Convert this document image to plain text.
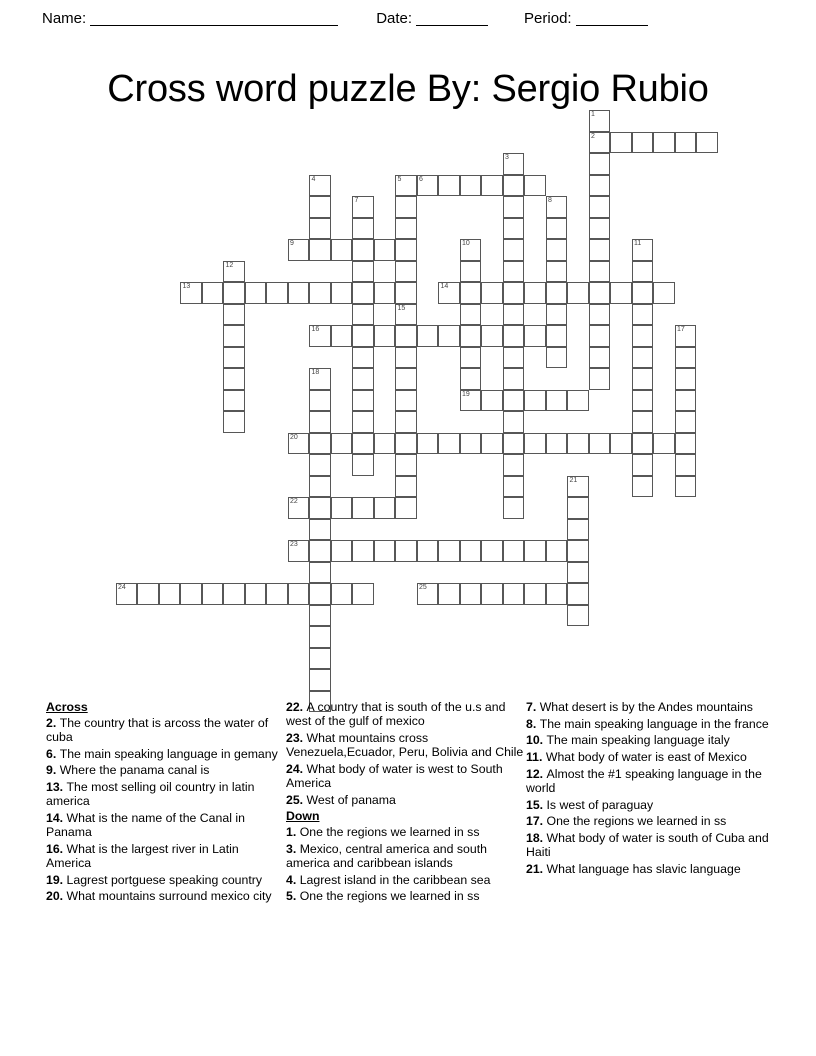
Name:	Date:	Period:
Cross word puzzle By: Sergio Rubio
1
2
3
4	5	6
7	8
9	10
19
11
12
13	14
15
16	17
18
20
21
22
23
24	25
Across
2. The country that is arcoss the water of cuba
6. The main speaking language in gemany
9. Where the panama canal is
13. The most selling oil country in latin america
14. What is the name of the Canal in Panama
16. What is the largest river in Latin America
19. Lagrest portguese speaking country
20. What mountains surround mexico city
22. A country that is south of the u.s and west of the gulf of mexico
23. What mountains cross Venezuela,Ecuador, Peru, Bolivia and Chile
24. What body of water is west to South America
25. West of panama
Down
1. One the regions we learned in ss
3. Mexico, central america and south america and caribbean islands
4. Lagrest island in the caribbean sea
5. One the regions we learned in ss
7. What desert is by the Andes mountains
8. The main speaking language in the france
10. The main speaking language italy
11. What body of water is east of Mexico
12. Almost the #1 speaking language in the world
15. Is west of paraguay
17. One the regions we learned in ss
18. What body of water is south of Cuba and Haiti
21. What language has slavic language
